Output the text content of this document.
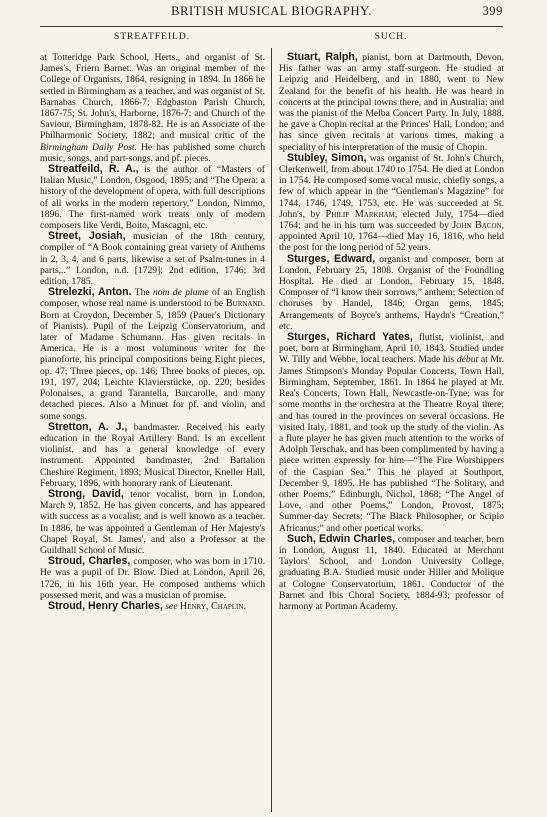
BRITISH MUSICAL BIOGRAPHY.	399
STREATFEILD.	SUCH.

at Totteridge Park School, Herts., and organist of St. James's, Friern Barnet. Was an original member of the College of Organists, 1864, resigning in 1894. In 1866 he settled in Birmingham as a teacher, and was organist of St. Barnabas Church, 1866-7; Edgbaston Parish Church, 1867-75; St. John's, Harborne, 1876-7; and Church of the Saviour, Birmingham, 1878-82. He is an Associate of the Philharmonic Society, 1882; and musical critic of the Birmingham Daily Post. He has published some church music, songs, and part-songs, and pf. pieces.

Streatfeild, R. A., is the author of “Masters of Italian Music,” London, Osgood, 1895; and “The Opera: a history of the development of opera, with full descriptions of all works in the modern repertory,” London, Nimmo, 1896. The first-named work treats only of modern composers like Verdi, Boito, Mascagni, etc.

Street, Josiah, musician of the 18th century, compiler of “A Book containing great variety of Anthems in 2, 3, 4, and 6 parts, likewise a set of Psalm-tunes in 4 parts,..” London, n.d. [1729]; 2nd edition, 1746; 3rd edition, 1785.

Strelezki, Anton. The nom de plume of an English composer, whose real name is understood to be Burnand. Born at Croydon, December 5, 1859 (Pauer's Dictionary of Pianists). Pupil of the Leipzig Conservatorium, and later of Madame Schumann. Has given recitals in America. He is a most voluminous writer for the pianoforte, his principal compositions being Eight pieces, op. 47; Three pieces, op. 146; Three books of pieces, op. 191, 197, 204; Leichte Klavierstücke, op. 220; besides Polonaises, a grand Tarantella, Barcarolle, and many detached pieces. Also a Minuet for pf. and violin, and some songs.

Stretton, A. J., bandmaster. Received his early education in the Royal Artillery Band. Is an excellent violinist, and has a general knowledge of every instrument. Appointed bandmaster, 2nd Battalion Cheshire Regiment, 1893; Musical Director, Kneller Hall, February, 1896, with honorary rank of Lieutenant.

Strong, David, tenor vocalist, born in London, March 9, 1852. He has given concerts, and has appeared with success as a vocalist; and is well known as a teacher. In 1886, he was appointed a Gentleman of Her Majesty's Chapel Royal, St. James', and also a Professor at the Guildhall School of Music.

Stroud, Charles, composer, who was born in 1710. He was a pupil of Dr. Blow. Died at London, April 26, 1726, in his 16th year. He composed anthems which possessed merit, and was a musician of promise.

Stroud, Henry Charles, see Henry, Chaplin.

Stuart, Ralph, pianist, born at Dartmouth, Devon. His father was an army staff-surgeon. He studied at Leipzig and Heidelberg, and in 1880, went to New Zealand for the benefit of his health. He was heard in concerts at the principal towns there, and in Australia; and was the pianist of the Melba Concert Party. In July, 1888, he gave a Chopin recital at the Princes' Hall, London; and has since given recitals at various times, making a speciality of his interpretation of the music of Chopin.

Stubley, Simon, was organist of St. John's Church, Clerkenwell, from about 1740 to 1754. He died at London in 1754. He composed some vocal music, chiefly songs, a few of which appear in the “Gentleman's Magazine” for 1744, 1746, 1749, 1753, etc. He was succeeded at St. John's, by Philip Markham, elected July, 1754—died 1764; and he in his turn was succeeded by John Bacon, appointed April 10, 1764—died May 16, 1816, who held the post for the long period of 52 years.

Sturges, Edward, organist and composer, born at London, February 25, 1808. Organist of the Foundling Hospital. He died at London, February 15, 1848. Composer of “I know their sorrows,” anthem; Selection of choruses by Handel, 1846; Organ gems, 1845; Arrangements of Boyce's anthems, Haydn's “Creation,” etc.

Sturges, Richard Yates, flutist, violinist, and poet, born at Birmingham, April 10, 1843. Studied under W. Tilly and Webbe, local teachers. Made his début at Mr. James Stimpson's Monday Popular Concerts, Town Hall, Birmingham, September, 1861. In 1864 he played at Mr. Rea's Concerts, Town Hall, Newcastle-on-Tyne; was for some months in the orchestra at the Theatre Royal there; and has toured in the provinces on several occasions. He visited Italy, 1881, and took up the study of the violin. As a flute player he has given much attention to the works of Adolph Terschak, and has been complimented by having a piece written expressly for him—“The Fire Worshippers of the Caspian Sea.” This he played at Southport, December 9, 1895. He has published “The Solitary, and other Poems,” Edinburgh, Nichol, 1868; “The Angel of Love, and other Poems,” London, Provost, 1875; Summer-day Secrets; “The Black Philosopher, or Scipio Africanus;” and other poetical works.

Such, Edwin Charles, composer and teacher, born in London, August 11, 1840. Educated at Merchant Taylors' School, and London University College, graduating B.A. Studied music under Hiller and Molique at Cologne Conservatorium, 1861. Conductor of the Barnet and Ibis Choral Society, 1884-93; professor of harmony at Portman Academy.
